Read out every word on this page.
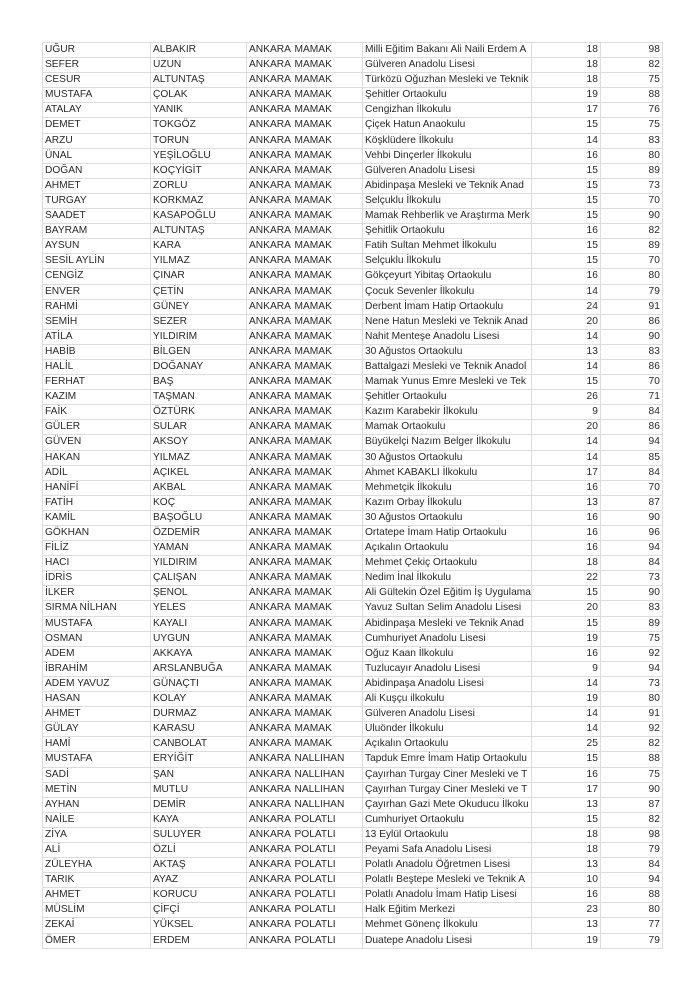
UĞUR	ALBAKIR	ANKARA	MAMAK	Milli Eğitim Bakanı Ali Naili Erdem A	18	98
SEFER	UZUN	ANKARA	MAMAK	Gülveren Anadolu Lisesi	18	82
CESUR	ALTUNTAŞ	ANKARA	MAMAK	Türközü Oğuzhan Mesleki ve Teknik	18	75
MUSTAFA	ÇOLAK	ANKARA	MAMAK	Şehitler Ortaokulu	19	88
ATALAY	YANIK	ANKARA	MAMAK	Cengizhan İlkokulu	17	76
DEMET	TOKGÖZ	ANKARA	MAMAK	Çiçek Hatun Anaokulu	15	75
ARZU	TORUN	ANKARA	MAMAK	Köşklüdere İlkokulu	14	83
ÜNAL	YEŞİLOĞLU	ANKARA	MAMAK	Vehbi Dinçerler İlkokulu	16	80
DOĞAN	KOÇYİGİT	ANKARA	MAMAK	Gülveren Anadolu Lisesi	15	89
AHMET	ZORLU	ANKARA	MAMAK	Abidinpaşa Mesleki ve Teknik Anad	15	73
TURGAY	KORKMAZ	ANKARA	MAMAK	Selçuklu İlkokulu	15	70
SAADET	KASAPOĞLU	ANKARA	MAMAK	Mamak Rehberlik ve Araştırma Merk	15	90
BAYRAM	ALTUNTAŞ	ANKARA	MAMAK	Şehitlik Ortaokulu	16	82
AYSUN	KARA	ANKARA	MAMAK	Fatih Sultan Mehmet İlkokulu	15	89
SESİL AYLİN	YILMAZ	ANKARA	MAMAK	Selçuklu İlkokulu	15	70
CENGİZ	ÇINAR	ANKARA	MAMAK	Gökçeyurt Yibitaş Ortaokulu	16	80
ENVER	ÇETİN	ANKARA	MAMAK	Çocuk Sevenler İlkokulu	14	79
RAHMİ	GÜNEY	ANKARA	MAMAK	Derbent İmam Hatip Ortaokulu	24	91
SEMİH	SEZER	ANKARA	MAMAK	Nene Hatun Mesleki ve Teknik Anad	20	86
ATİLA	YILDIRIM	ANKARA	MAMAK	Nahit Menteşe Anadolu Lisesi	14	90
HABİB	BİLGEN	ANKARA	MAMAK	30 Ağustos Ortaokulu	13	83
HALİL	DOĞANAY	ANKARA	MAMAK	Battalgazi Mesleki ve Teknik Anadol	14	86
FERHAT	BAŞ	ANKARA	MAMAK	Mamak Yunus Emre Mesleki ve Tek	15	70
KAZIM	TAŞMAN	ANKARA	MAMAK	Şehitler Ortaokulu	26	71
FAİK	ÖZTÜRK	ANKARA	MAMAK	Kazım Karabekir İlkokulu	9	84
GÜLER	SULAR	ANKARA	MAMAK	Mamak Ortaokulu	20	86
GÜVEN	AKSOY	ANKARA	MAMAK	Büyükelçi Nazım Belger İlkokulu	14	94
HAKAN	YILMAZ	ANKARA	MAMAK	30 Ağustos Ortaokulu	14	85
ADİL	AÇIKEL	ANKARA	MAMAK	Ahmet KABAKLI İlkokulu	17	84
HANİFİ	AKBAL	ANKARA	MAMAK	Mehmetçik İlkokulu	16	70
FATİH	KOÇ	ANKARA	MAMAK	Kazım Orbay İlkokulu	13	87
KAMİL	BAŞOĞLU	ANKARA	MAMAK	30 Ağustos Ortaokulu	16	90
GÖKHAN	ÖZDEMİR	ANKARA	MAMAK	Ortatepe İmam Hatip Ortaokulu	16	96
FİLİZ	YAMAN	ANKARA	MAMAK	Açıkalın Ortaokulu	16	94
HACI	YILDIRIM	ANKARA	MAMAK	Mehmet Çekiç Ortaokulu	18	84
İDRİS	ÇALIŞAN	ANKARA	MAMAK	Nedim İnal İlkokulu	22	73
İLKER	ŞENOL	ANKARA	MAMAK	Ali Gültekin Özel Eğitim İş Uygulama	15	90
SIRMA NİLHAN	YELES	ANKARA	MAMAK	Yavuz Sultan Selim Anadolu Lisesi	20	83
MUSTAFA	KAYALI	ANKARA	MAMAK	Abidinpaşa Mesleki ve Teknik Anad	15	89
OSMAN	UYGUN	ANKARA	MAMAK	Cumhuriyet Anadolu Lisesi	19	75
ADEM	AKKAYA	ANKARA	MAMAK	Oğuz Kaan İlkokulu	16	92
İBRAHİM	ARSLANBUĞA	ANKARA	MAMAK	Tuzlucayır Anadolu Lisesi	9	94
ADEM YAVUZ	GÜNAÇTI	ANKARA	MAMAK	Abidinpaşa Anadolu Lisesi	14	73
HASAN	KOLAY	ANKARA	MAMAK	Ali Kuşçu ilkokulu	19	80
AHMET	DURMAZ	ANKARA	MAMAK	Gülveren Anadolu Lisesi	14	91
GÜLAY	KARASU	ANKARA	MAMAK	Uluönder İlkokulu	14	92
HAMİ	CANBOLAT	ANKARA	MAMAK	Açıkalın Ortaokulu	25	82
MUSTAFA	ERYİĞİT	ANKARA	NALLIHAN	Tapduk Emre İmam Hatip Ortaokulu	15	88
SADİ	ŞAN	ANKARA	NALLIHAN	Çayırhan Turgay Ciner Mesleki ve T	16	75
METİN	MUTLU	ANKARA	NALLIHAN	Çayırhan Turgay Ciner Mesleki ve T	17	90
AYHAN	DEMİR	ANKARA	NALLIHAN	Çayırhan Gazi Mete Okuducu İlkoku	13	87
NAİLE	KAYA	ANKARA	POLATLI	Cumhuriyet Ortaokulu	15	82
ZİYA	SULUYER	ANKARA	POLATLI	13 Eylül Ortaokulu	18	98
ALİ	ÖZLİ	ANKARA	POLATLI	Peyami Safa Anadolu Lisesi	18	79
ZÜLEYHA	AKTAŞ	ANKARA	POLATLI	Polatlı Anadolu Öğretmen Lisesi	13	84
TARIK	AYAZ	ANKARA	POLATLI	Polatlı Beştepe Mesleki ve Teknik A	10	94
AHMET	KORUCU	ANKARA	POLATLI	Polatlı Anadolu İmam Hatip Lisesi	16	88
MÜSLİM	ÇİFÇİ	ANKARA	POLATLI	Halk Eğitim Merkezi	23	80
ZEKAİ	YÜKSEL	ANKARA	POLATLI	Mehmet Gönenç İlkokulu	13	77
ÖMER	ERDEM	ANKARA	POLATLI	Duatepe Anadolu Lisesi	19	79
